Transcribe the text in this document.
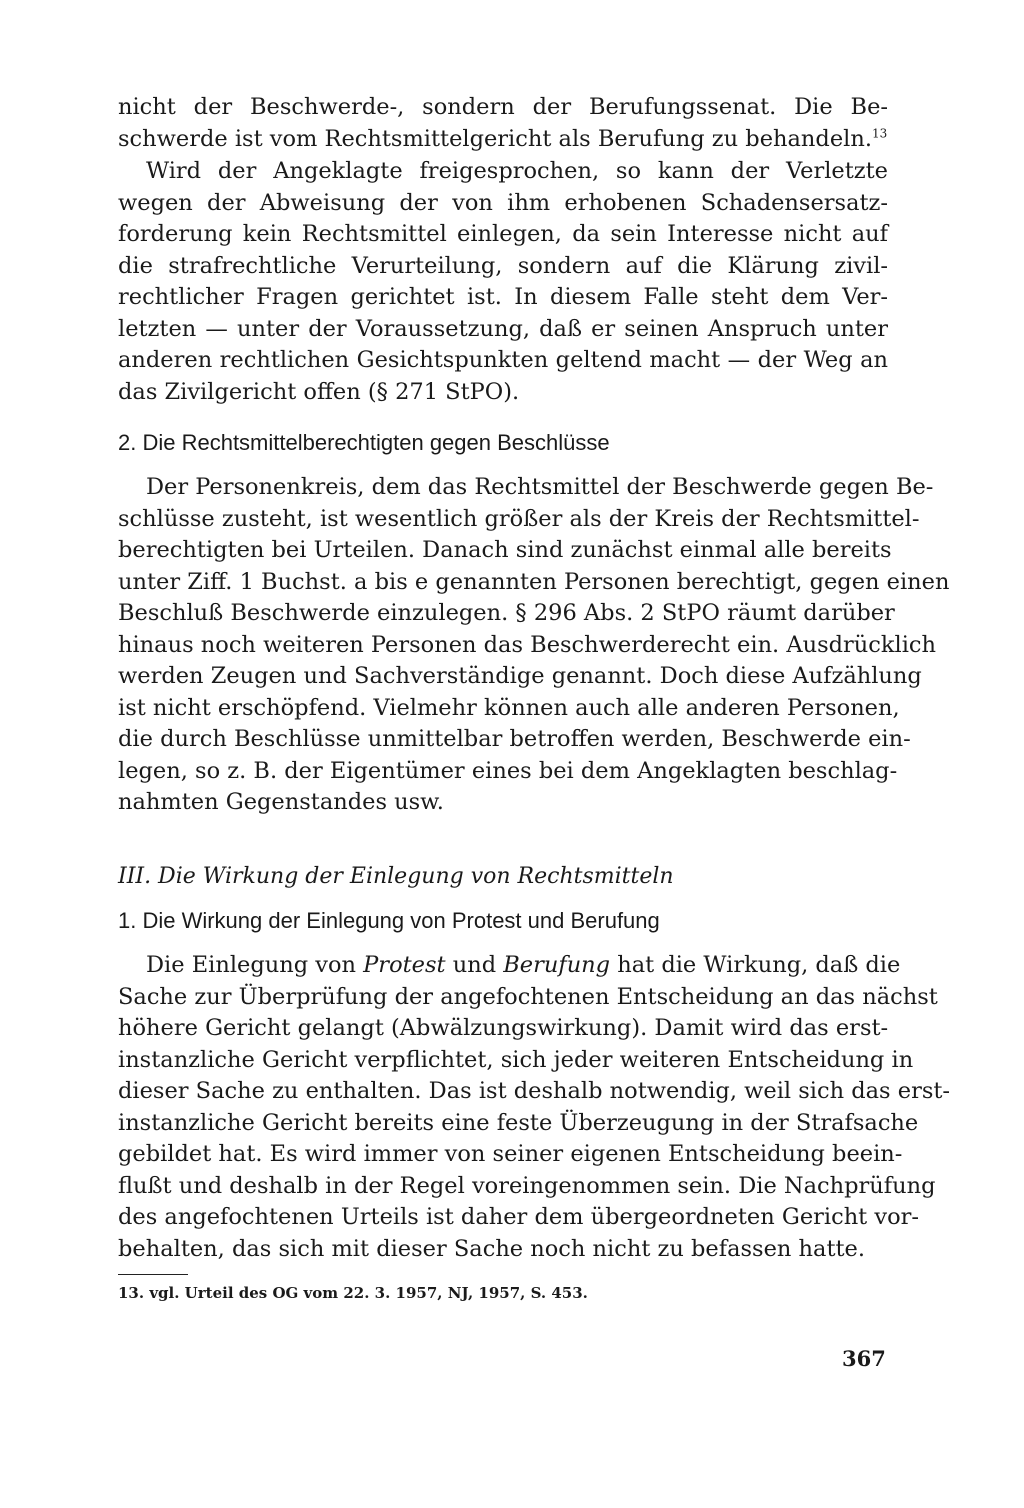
nicht der Beschwerde-, sondern der Berufungssenat. Die Be-
schwerde ist vom Rechtsmittelgericht als Berufung zu behandeln.$^{13}$
Wird der Angeklagte freigesprochen, so kann der Verletzte
wegen der Abweisung der von ihm erhobenen Schadensersatz-
forderung kein Rechtsmittel einlegen, da sein Interesse nicht auf
die strafrechtliche Verurteilung, sondern auf die Klärung zivil-
rechtlicher Fragen gerichtet ist. In diesem Falle steht dem Ver-
letzten — unter der Voraussetzung, daß er seinen Anspruch unter
anderen rechtlichen Gesichtspunkten geltend macht — der Weg an
das Zivilgericht offen (§ 271 StPO).
2. Die Rechtsmittelberechtigten gegen Beschlüsse
Der Personenkreis, dem das Rechtsmittel der Beschwerde gegen Be-
schlüsse zusteht, ist wesentlich größer als der Kreis der Rechtsmittel-
berechtigten bei Urteilen. Danach sind zunächst einmal alle bereits
unter Ziff. 1 Buchst. a bis e genannten Personen berechtigt, gegen einen
Beschluß Beschwerde einzulegen. § 296 Abs. 2 StPO räumt darüber
hinaus noch weiteren Personen das Beschwerderecht ein. Ausdrücklich
werden Zeugen und Sachverständige genannt. Doch diese Aufzählung
ist nicht erschöpfend. Vielmehr können auch alle anderen Personen,
die durch Beschlüsse unmittelbar betroffen werden, Beschwerde ein-
legen, so z. B. der Eigentümer eines bei dem Angeklagten beschlag-
nahmten Gegenstandes usw.
III. Die Wirkung der Einlegung von Rechtsmitteln
1. Die Wirkung der Einlegung von Protest und Berufung
Die Einlegung von Protest und Berufung hat die Wirkung, daß die
Sache zur Überprüfung der angefochtenen Entscheidung an das nächst
höhere Gericht gelangt (Abwälzungswirkung). Damit wird das erst-
instanzliche Gericht verpflichtet, sich jeder weiteren Entscheidung in
dieser Sache zu enthalten. Das ist deshalb notwendig, weil sich das erst-
instanzliche Gericht bereits eine feste Überzeugung in der Strafsache
gebildet hat. Es wird immer von seiner eigenen Entscheidung beein-
flußt und deshalb in der Regel voreingenommen sein. Die Nachprüfung
des angefochtenen Urteils ist daher dem übergeordneten Gericht vor-
behalten, das sich mit dieser Sache noch nicht zu befassen hatte.
13. vgl. Urteil des OG vom 22. 3. 1957, NJ, 1957, S. 453.
367
